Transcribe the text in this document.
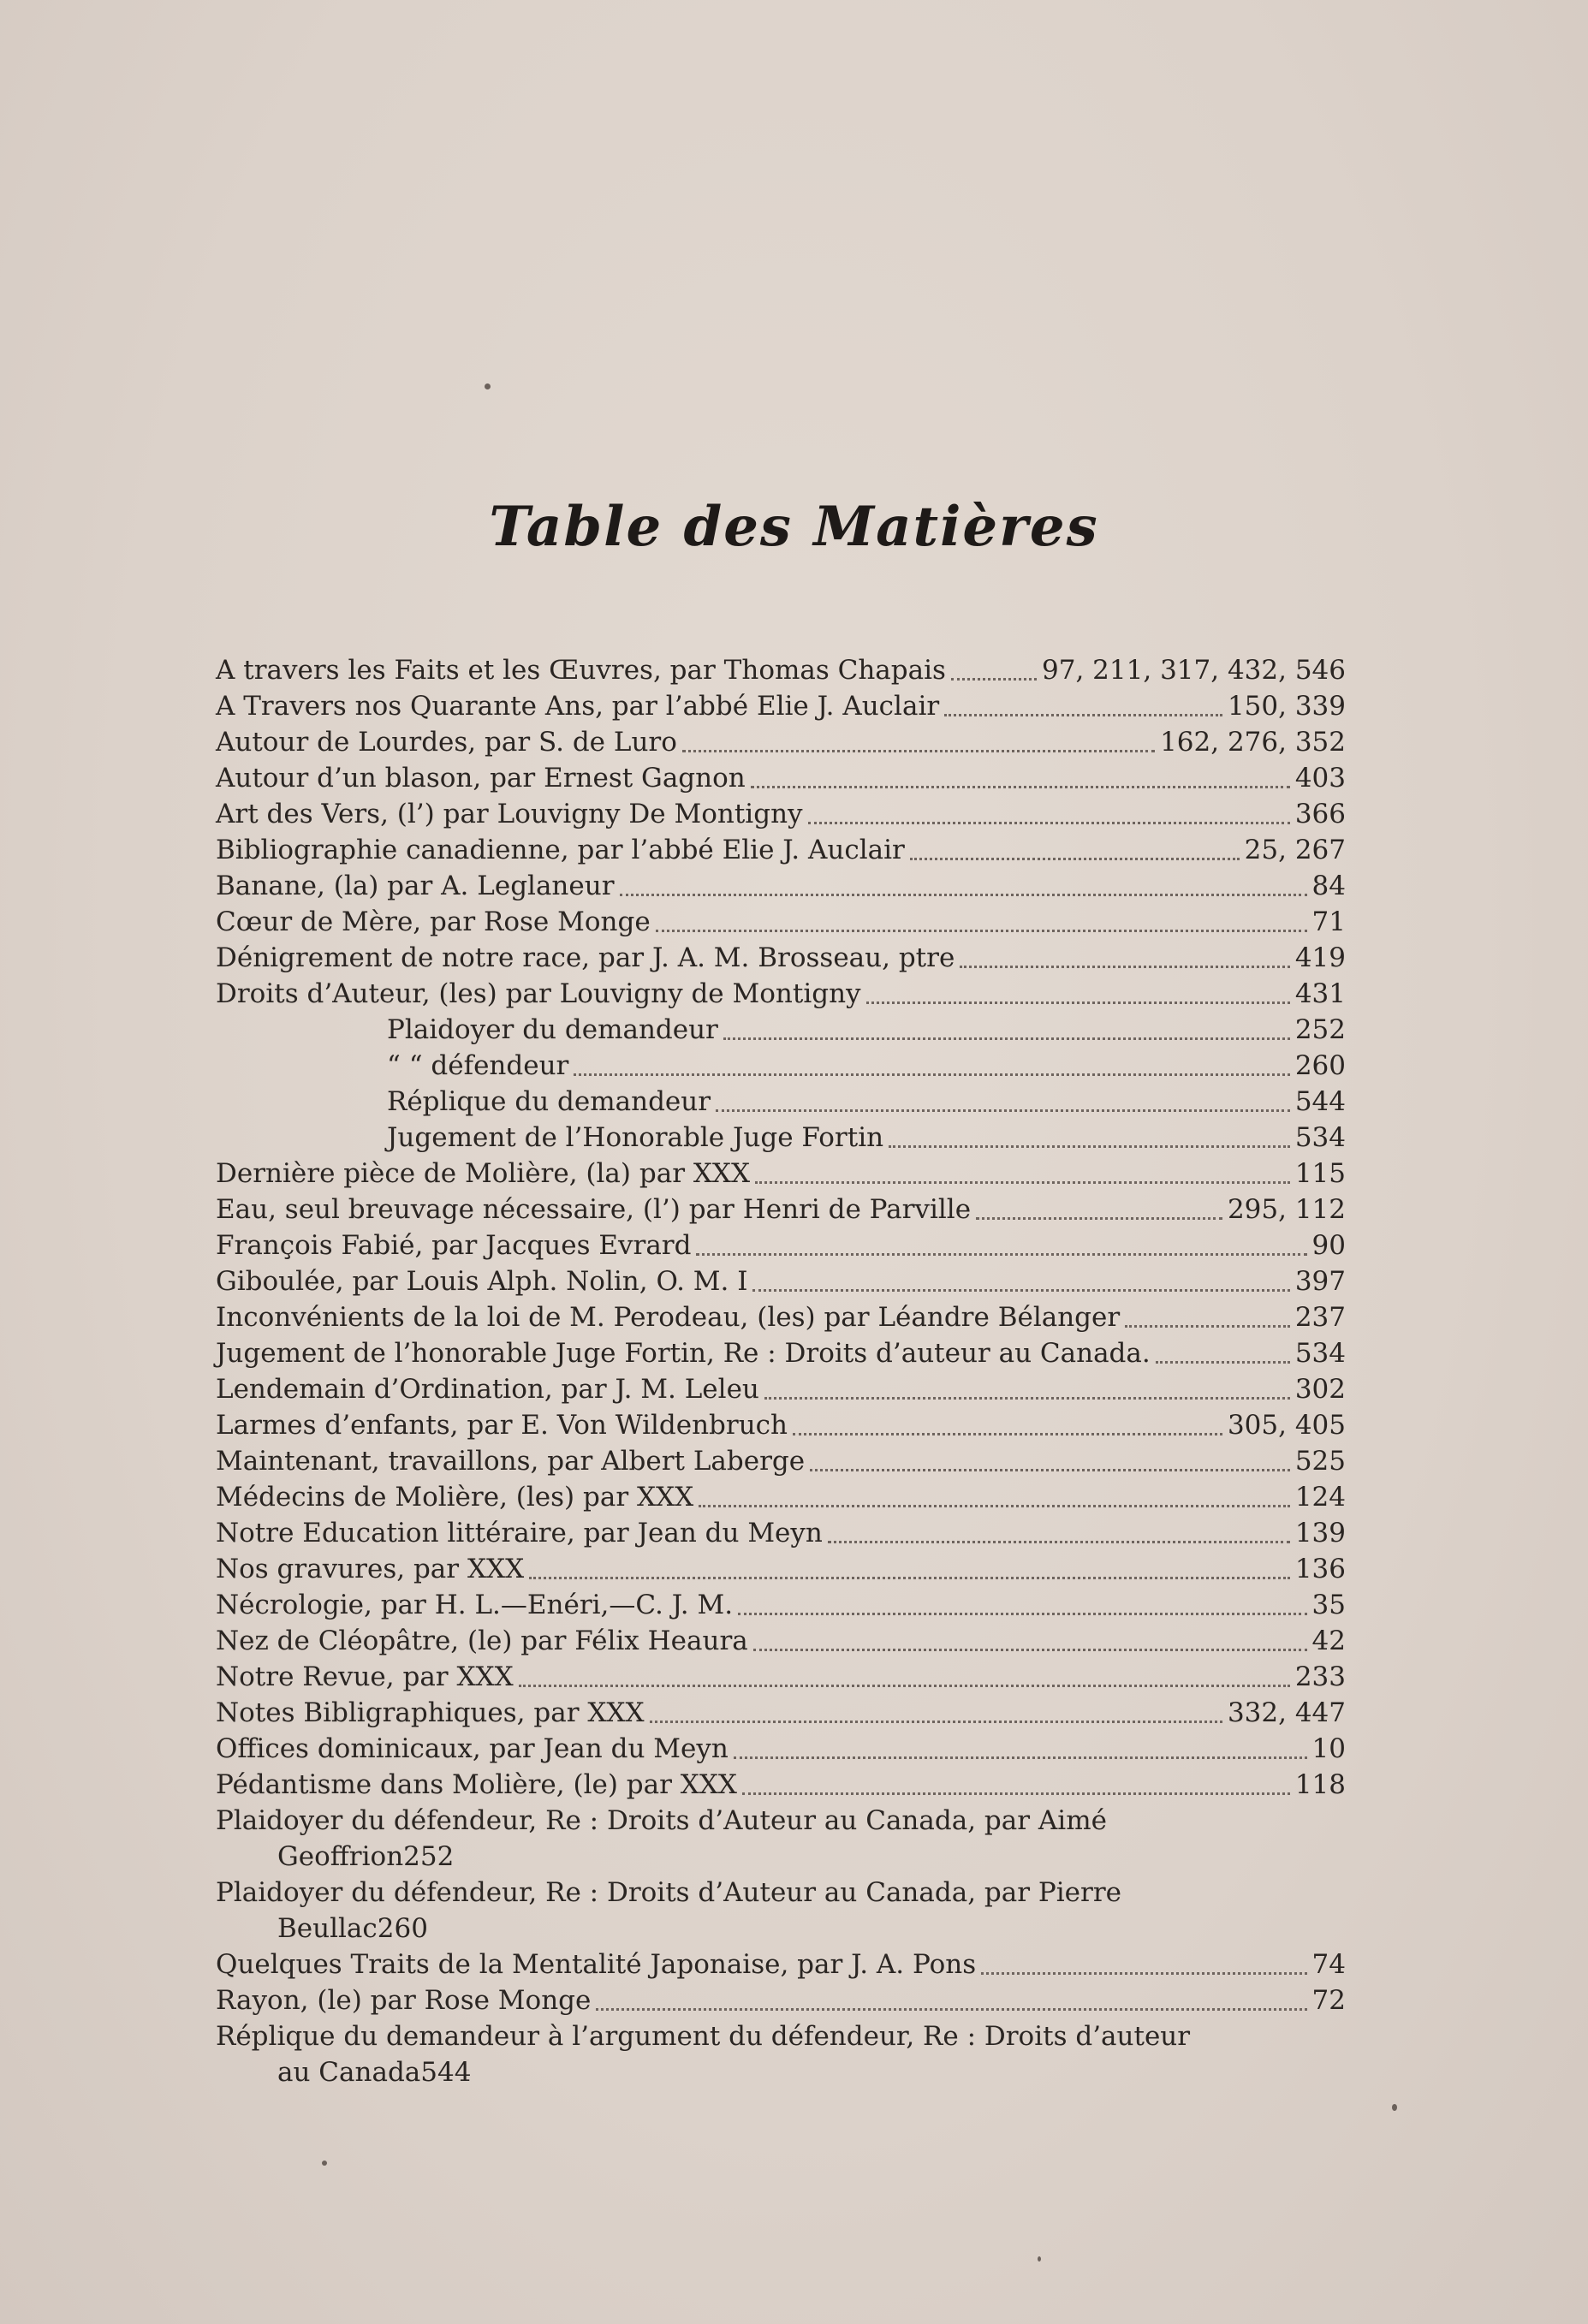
Table des Matières
A travers les Faits et les Œuvres, par Thomas Chapais	97, 211, 317, 432, 546
A Travers nos Quarante Ans, par l’abbé Elie J. Auclair	150, 339
Autour de Lourdes, par S. de Luro	162, 276, 352
Autour d’un blason, par Ernest Gagnon	403
Art des Vers, (l’) par Louvigny De Montigny	366
Bibliographie canadienne, par l’abbé Elie J. Auclair	25, 267
Banane, (la) par A. Leglaneur	84
Cœur de Mère, par Rose Monge	71
Dénigrement de notre race, par J. A. M. Brosseau, ptre	419
Droits d’Auteur, (les) par Louvigny de Montigny	431
Plaidoyer du demandeur	252
“ “ défendeur	260
Réplique du demandeur	544
Jugement de l’Honorable Juge Fortin	534
Dernière pièce de Molière, (la) par XXX	115
Eau, seul breuvage nécessaire, (l’) par Henri de Parville	295, 112
François Fabié, par Jacques Evrard	90
Giboulée, par Louis Alph. Nolin, O. M. I	397
Inconvénients de la loi de M. Perodeau, (les) par Léandre Bélanger	237
Jugement de l’honorable Juge Fortin, Re : Droits d’auteur au Canada.	534
Lendemain d’Ordination, par J. M. Leleu	302
Larmes d’enfants, par E. Von Wildenbruch	305, 405
Maintenant, travaillons, par Albert Laberge	525
Médecins de Molière, (les) par XXX	124
Notre Education littéraire, par Jean du Meyn	139
Nos gravures, par XXX	136
Nécrologie, par H. L.—Enéri,—C. J. M.	35
Nez de Cléopâtre, (le) par Félix Heaura	42
Notre Revue, par XXX	233
Notes Bibligraphiques, par XXX	332, 447
Offices dominicaux, par Jean du Meyn	10
Pédantisme dans Molière, (le) par XXX	118
Plaidoyer du défendeur, Re : Droits d’Auteur au Canada, par Aimé
Geoffrion 252
Plaidoyer du défendeur, Re : Droits d’Auteur au Canada, par Pierre
Beullac 260
Quelques Traits de la Mentalité Japonaise, par J. A. Pons	74
Rayon, (le) par Rose Monge	72
Réplique du demandeur à l’argument du défendeur, Re : Droits d’auteur
au Canada 544
